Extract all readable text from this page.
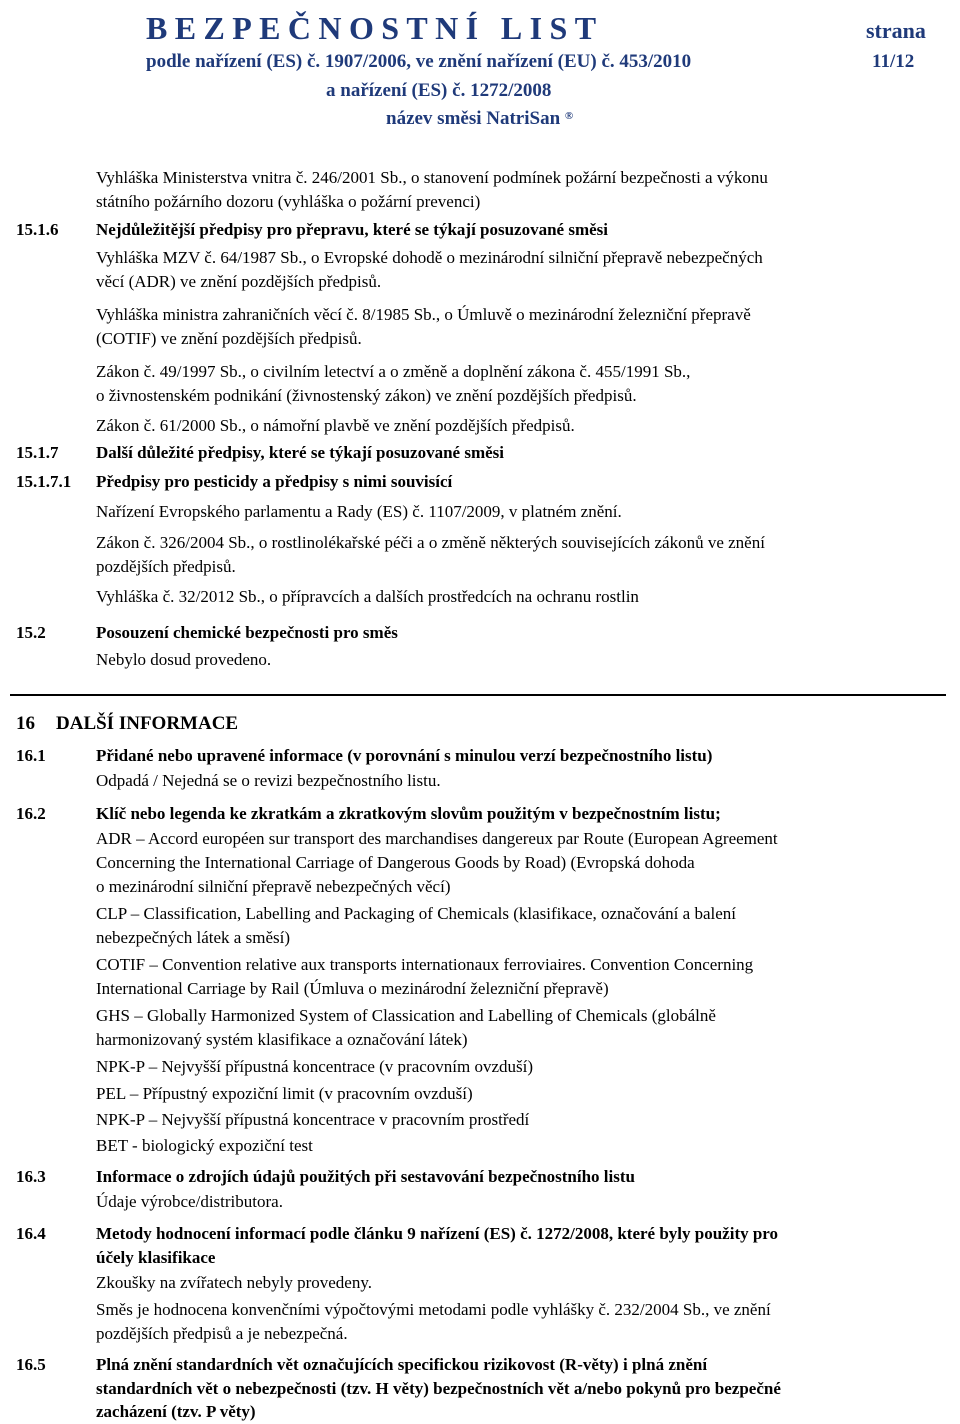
BEZPEČNOSTNÍ LIST	strana
podle nařízení (ES) č. 1907/2006, ve znění nařízení (EU) č. 453/2010	11/12
a nařízení (ES) č. 1272/2008
název směsi NatriSan ®
Vyhláška Ministerstva vnitra č. 246/2001 Sb., o stanovení podmínek požární bezpečnosti a výkonu
státního požárního dozoru (vyhláška o požární prevenci)
15.1.6 Nejdůležitější předpisy pro přepravu, které se týkají posuzované směsi
Vyhláška MZV č. 64/1987 Sb., o Evropské dohodě o mezinárodní silniční přepravě nebezpečných
věcí (ADR) ve znění pozdějších předpisů.
Vyhláška ministra zahraničních věcí č. 8/1985 Sb., o Úmluvě o mezinárodní železniční přepravě
(COTIF) ve znění pozdějších předpisů.
Zákon č. 49/1997 Sb., o civilním letectví a o změně a doplnění zákona č. 455/1991 Sb.,
o živnostenském podnikání (živnostenský zákon) ve znění pozdějších předpisů.
Zákon č. 61/2000 Sb., o námořní plavbě ve znění pozdějších předpisů.
15.1.7 Další důležité předpisy, které se týkají posuzované směsi
15.1.7.1 Předpisy pro pesticidy a předpisy s nimi souvisící
Nařízení Evropského parlamentu a Rady (ES) č. 1107/2009, v platném znění.
Zákon č. 326/2004 Sb., o rostlinolékařské péči a o změně některých souvisejících zákonů ve znění
pozdějších předpisů.
Vyhláška č. 32/2012 Sb., o přípravcích a dalších prostředcích na ochranu rostlin
15.2	Posouzení chemické bezpečnosti pro směs
Nebylo dosud provedeno.
16 DALŠÍ INFORMACE
16.1	Přidané nebo upravené informace (v porovnání s minulou verzí bezpečnostního listu)
Odpadá / Nejedná se o revizi bezpečnostního listu.
16.2	Klíč nebo legenda ke zkratkám a zkratkovým slovům použitým v bezpečnostním listu;
ADR – Accord européen sur transport des marchandises dangereux par Route (European Agreement
Concerning the International Carriage of Dangerous Goods by Road) (Evropská dohoda
o mezinárodní silniční přepravě nebezpečných věcí)
CLP – Classification, Labelling and Packaging of Chemicals (klasifikace, označování a balení
nebezpečných látek a směsí)
COTIF – Convention relative aux transports internationaux ferroviaires. Convention Concerning
International Carriage by Rail (Úmluva o mezinárodní železniční přepravě)
GHS – Globally Harmonized System of Classication and Labelling of Chemicals (globálně
harmonizovaný systém klasifikace a označování látek)
NPK-P – Nejvyšší přípustná koncentrace (v pracovním ovzduší)
PEL – Přípustný expoziční limit (v pracovním ovzduší)
NPK-P – Nejvyšší přípustná koncentrace v pracovním prostředí
BET - biologický expoziční test
16.3	Informace o zdrojích údajů použitých při sestavování bezpečnostního listu
Údaje výrobce/distributora.
16.4	Metody hodnocení informací podle článku 9 nařízení (ES) č. 1272/2008, které byly použity pro
účely klasifikace
Zkoušky na zvířatech nebyly provedeny.
Směs je hodnocena konvenčními výpočtovými metodami podle vyhlášky č. 232/2004 Sb., ve znění
pozdějších předpisů a je nebezpečná.
16.5	Plná znění standardních vět označujících specifickou rizikovost (R-věty) i plná znění
standardních vět o nebezpečnosti (tzv. H věty) bezpečnostních vět a/nebo pokynů pro bezpečné
zacházení (tzv. P věty)
